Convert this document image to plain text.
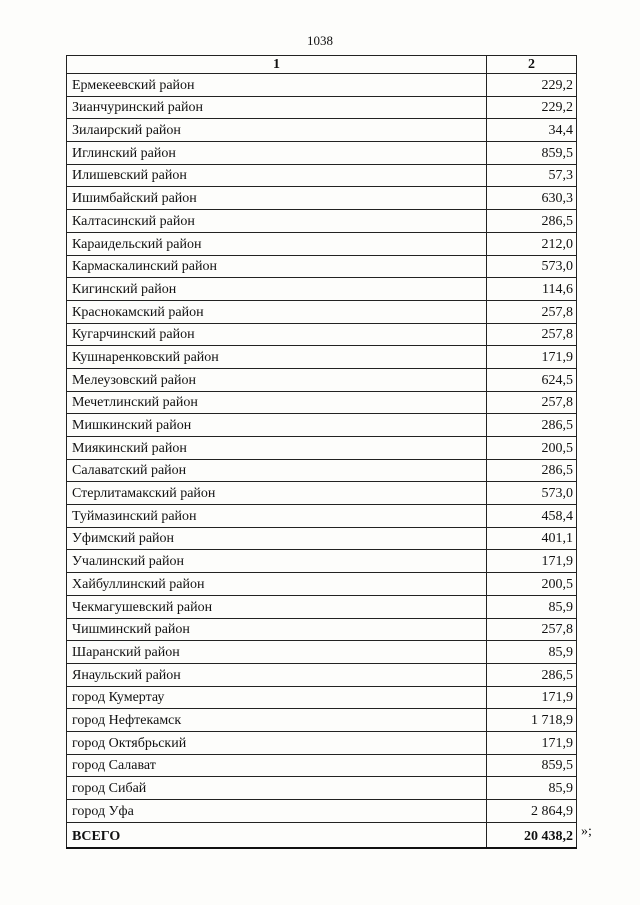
1038
1	2
Ермекеевский район	229,2
Зианчуринский район	229,2
Зилаирский район	34,4
Иглинский район	859,5
Илишевский район	57,3
Ишимбайский район	630,3
Калтасинский район	286,5
Караидельский район	212,0
Кармаскалинский район	573,0
Кигинский район	114,6
Краснокамский район	257,8
Кугарчинский район	257,8
Кушнаренковский район	171,9
Мелеузовский район	624,5
Мечетлинский район	257,8
Мишкинский район	286,5
Миякинский район	200,5
Салаватский район	286,5
Стерлитамакский район	573,0
Туймазинский район	458,4
Уфимский район	401,1
Учалинский район	171,9
Хайбуллинский район	200,5
Чекмагушевский район	85,9
Чишминский район	257,8
Шаранский район	85,9
Янаульский район	286,5
город Кумертау	171,9
город Нефтекамск	1 718,9
город Октябрьский	171,9
город Салават	859,5
город Сибай	85,9
город Уфа	2 864,9
ВСЕГО	20 438,2 »;
